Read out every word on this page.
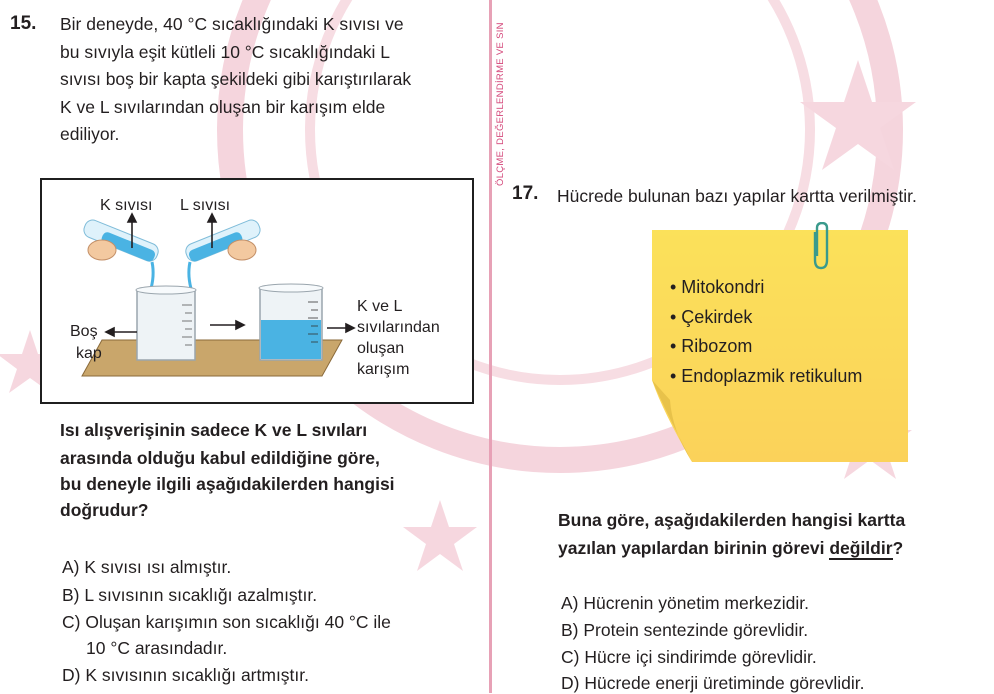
ÖLÇME, DEĞERLENDİRME VE SIN
15. Bir deneyde, 40 °C sıcaklığındaki K sıvısı ve
bu sıvıyla eşit kütleli 10 °C sıcaklığındaki L
sıvısı boş bir kapta şekildeki gibi karıştırılarak
K ve L sıvılarından oluşan bir karışım elde
ediliyor.
K sıvısı L sıvısı
Boş
kap
K ve L
sıvılarından
oluşan
karışım
Isı alışverişinin sadece K ve L sıvıları
arasında olduğu kabul edildiğine göre,
bu deneyle ilgili aşağıdakilerden hangisi
doğrudur?
A) K sıvısı ısı almıştır.
B) L sıvısının sıcaklığı azalmıştır.
C) Oluşan karışımın son sıcaklığı 40 °C ile
10 °C arasındadır.
D) K sıvısının sıcaklığı artmıştır.
17. Hücrede bulunan bazı yapılar kartta verilmiştir.
• Mitokondri
• Çekirdek
• Ribozom
• Endoplazmik retikulum
Buna göre, aşağıdakilerden hangisi kartta
yazılan yapılardan birinin görevi değildir?
A) Hücrenin yönetim merkezidir.
B) Protein sentezinde görevlidir.
C) Hücre içi sindirimde görevlidir.
D) Hücrede enerji üretiminde görevlidir.
